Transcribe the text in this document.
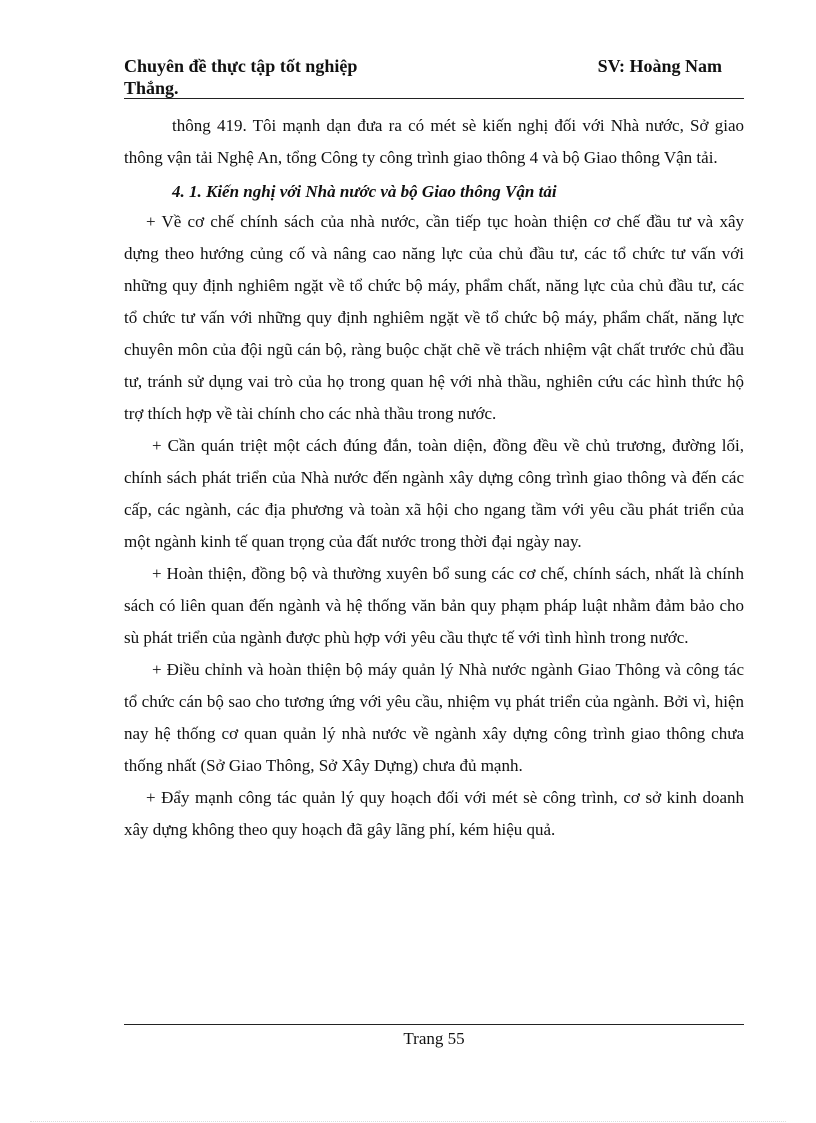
Chuyên đề thực tập tốt nghiệp
Thắng.
SV: Hoàng Nam

thông 419. Tôi mạnh dạn đưa ra có mét sè kiến nghị đối với Nhà nước, Sở giao thông vận tải Nghệ An, tổng Công ty công trình giao thông 4 và bộ Giao thông Vận tải.

4. 1. Kiến nghị với Nhà nước và bộ Giao thông Vận tải

+ Về cơ chế chính sách của nhà nước, cần tiếp tục hoàn thiện cơ chế đầu tư và xây dựng theo hướng củng cố và nâng cao năng lực của chủ đầu tư, các tổ chức tư vấn với những quy định nghiêm ngặt về tổ chức bộ máy, phẩm chất, năng lực của chủ đầu tư, các tổ chức tư vấn với những quy định nghiêm ngặt về tổ chức bộ máy, phẩm chất, năng lực chuyên môn của đội ngũ cán bộ, ràng buộc chặt chẽ về trách nhiệm vật chất trước chủ đầu tư, tránh sử dụng vai trò của họ trong quan hệ với nhà thầu, nghiên cứu các hình thức hộ trợ thích hợp về tài chính cho các nhà thầu trong nước.

+ Cần quán triệt một cách đúng đắn, toàn diện, đồng đều về chủ trương, đường lối, chính sách phát triển của Nhà nước đến ngành xây dựng công trình giao thông và đến các cấp, các ngành, các địa phương và toàn xã hội cho ngang tầm với yêu cầu phát triển của một ngành kinh tế quan trọng của đất nước trong thời đại ngày nay.

+ Hoàn thiện, đồng bộ và thường xuyên bổ sung các cơ chế, chính sách, nhất là chính sách có liên quan đến ngành và hệ thống văn bản quy phạm pháp luật nhằm đảm bảo cho sù phát triển của ngành được phù hợp với yêu cầu thực tế với tình hình trong nước.

+ Điều chỉnh và hoàn thiện bộ máy quản lý Nhà nước ngành Giao Thông và công tác tổ chức cán bộ sao cho tương ứng với yêu cầu, nhiệm vụ phát triển của ngành. Bởi vì, hiện nay hệ thống cơ quan quản lý nhà nước về ngành xây dựng công trình giao thông chưa thống nhất (Sở Giao Thông, Sở Xây Dựng) chưa đủ mạnh.

+ Đẩy mạnh công tác quản lý quy hoạch đối với mét sè công trình, cơ sở kinh doanh xây dựng không theo quy hoạch đã gây lãng phí, kém hiệu quả.

Trang 55
